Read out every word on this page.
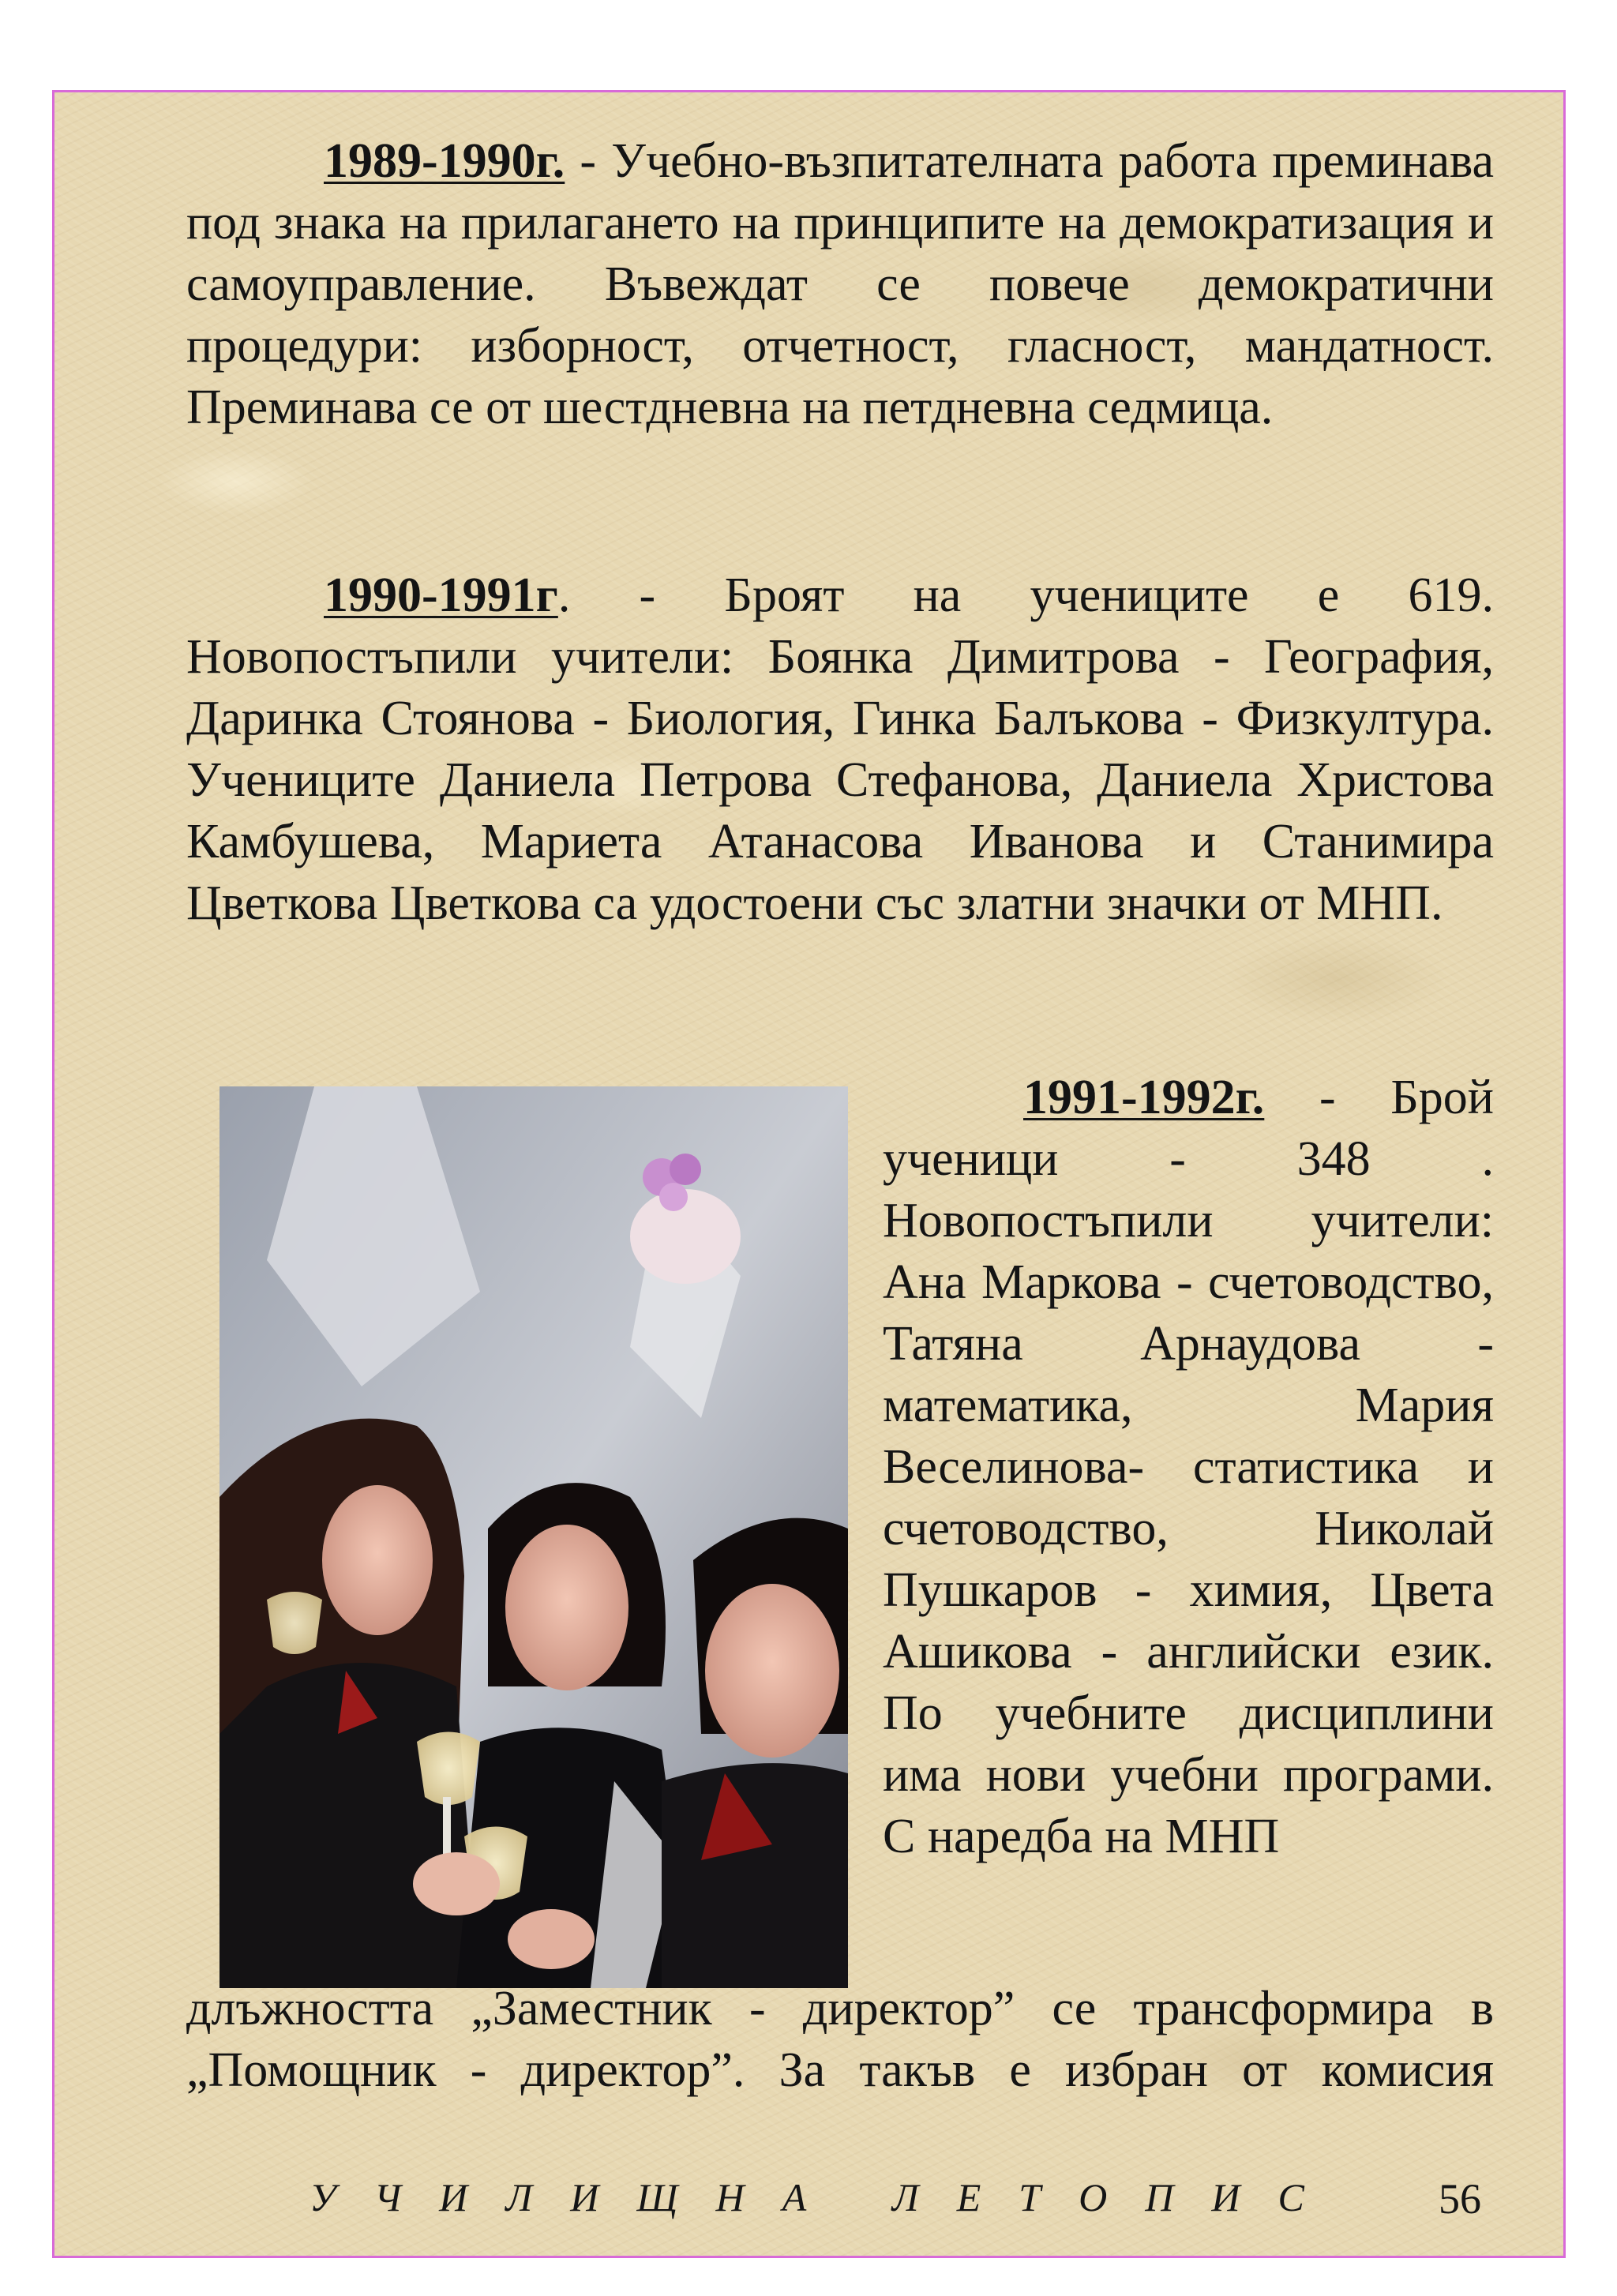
1989-1990г. - Учебно-възпитателната работа преминава под знака на прилагането на принципите на демократизация и самоуправление. Въвеждат се повече демократични процедури: изборност, отчетност, гласност, мандатност. Преминава се от шестдневна на петдневна седмица.

1990-1991г. - Броят на учениците е 619. Новопостъпили учители: Боянка Димитрова - География, Даринка Стоянова - Биология, Гинка Балъкова - Физкултура. Учениците Даниела Петрова Стефанова, Даниела Христова Камбушева, Мариета Атанасова Иванова и Станимира Цветкова Цветкова са удостоени със златни значки от МНП.

1991-1992г. - Брой ученици - 348 . Новопостъпили учители: Ана Маркова - счетоводство, Татяна Арнаудова - математика, Мария Веселинова- статистика и счетоводство, Николай Пушкаров - химия, Цвета Ашикова - английски език. По учебните дисциплини има нови учебни програми. С наредба на МНП

длъжността „Заместник - директор” се трансформира в „Помощник - директор”. За такъв е избран от комисия

У Ч И Л И Щ Н А
Л Е Т О П И С	56
